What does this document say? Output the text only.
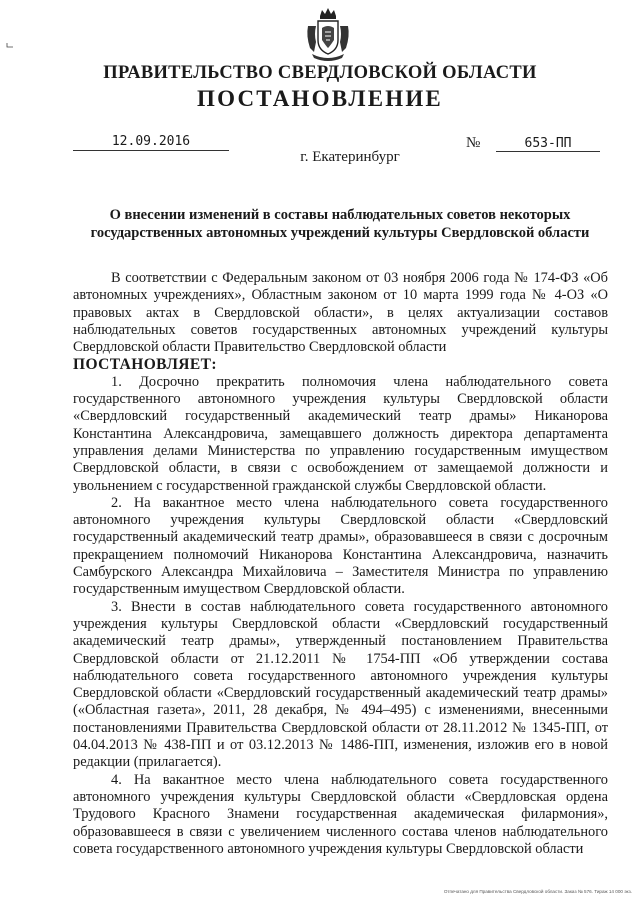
ПРАВИТЕЛЬСТВО СВЕРДЛОВСКОЙ ОБЛАСТИ
ПОСТАНОВЛЕНИЕ
12.09.2016	№	653-ПП
г. Екатеринбург
О внесении изменений в составы наблюдательных советов некоторых государственных автономных учреждений культуры Свердловской области

В соответствии с Федеральным законом от 03 ноября 2006 года № 174-ФЗ «Об автономных учреждениях», Областным законом от 10 марта 1999 года № 4-ОЗ «О правовых актах в Свердловской области», в целях актуализации составов наблюдательных советов государственных автономных учреждений культуры Свердловской области Правительство Свердловской области

ПОСТАНОВЛЯЕТ:

1. Досрочно прекратить полномочия члена наблюдательного совета государственного автономного учреждения культуры Свердловской области «Свердловский государственный академический театр драмы» Никанорова Константина Александровича, замещавшего должность директора департамента управления делами Министерства по управлению государственным имуществом Свердловской области, в связи с освобождением от замещаемой должности и увольнением с государственной гражданской службы Свердловской области.

2. На вакантное место члена наблюдательного совета государственного автономного учреждения культуры Свердловской области «Свердловский государственный академический театр драмы», образовавшееся в связи с досрочным прекращением полномочий Никанорова Константина Александровича, назначить Самбурского Александра Михайловича – Заместителя Министра по управлению государственным имуществом Свердловской области.

3. Внести в состав наблюдательного совета государственного автономного учреждения культуры Свердловской области «Свердловский государственный академический театр драмы», утвержденный постановлением Правительства Свердловской области от 21.12.2011 № 1754-ПП «Об утверждении состава наблюдательного совета государственного автономного учреждения культуры Свердловской области «Свердловский государственный академический театр драмы» («Областная газета», 2011, 28 декабря, № 494–495) с изменениями, внесенными постановлениями Правительства Свердловской области от 28.11.2012 № 1345-ПП, от 04.04.2013 № 438-ПП и от 03.12.2013 № 1486-ПП, изменения, изложив его в новой редакции (прилагается).

4. На вакантное место члена наблюдательного совета государственного автономного учреждения культуры Свердловской области «Свердловская ордена Трудового Красного Знамени государственная академическая филармония», образовавшееся в связи с увеличением численного состава членов наблюдательного совета государственного автономного учреждения культуры Свердловской области

Отпечатано для Правительства Свердловской области. Заказ № 576. Тираж 14 000 экз.
